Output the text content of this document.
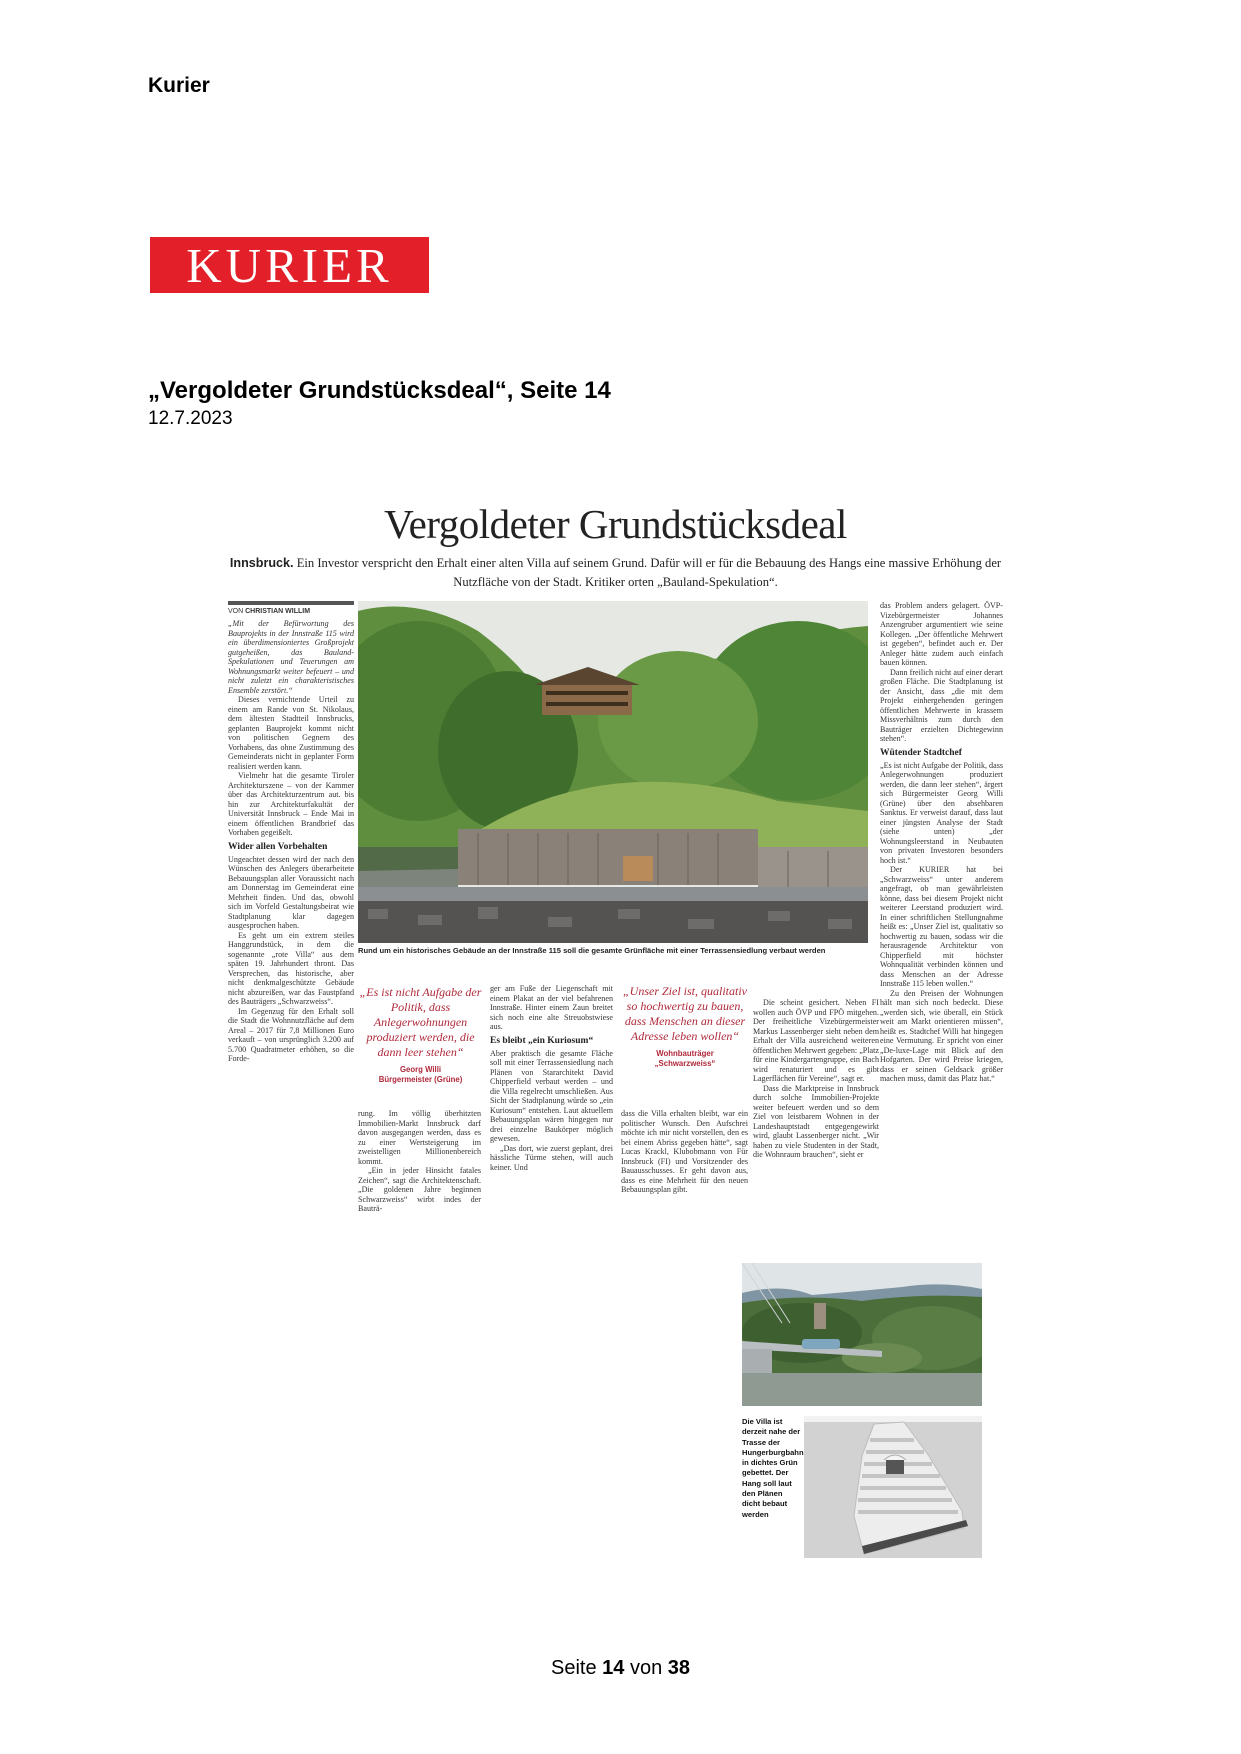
Kurier
KURIER
„Vergoldeter Grundstücksdeal“, Seite 14
12.7.2023
Vergoldeter Grundstücksdeal
Innsbruck. Ein Investor verspricht den Erhalt einer alten Villa auf seinem Grund. Dafür will er für die Bebauung des Hangs eine massive Erhöhung der Nutzfläche von der Stadt. Kritiker orten „Bauland-Spekulation“.
VON CHRISTIAN WILLIM

„Mit der Befürwortung des Bauprojekts in der Innstraße 115 wird ein überdimensioniertes Großprojekt gutgeheißen, das Bauland-Spekulationen und Teuerungen am Wohnungsmarkt weiter befeuert – und nicht zuletzt ein charakteristisches Ensemble zerstört.“

Dieses vernichtende Urteil zu einem am Rande von St. Nikolaus, dem ältesten Stadtteil Innsbrucks, geplanten Bauprojekt kommt nicht von politischen Gegnern des Vorhabens, das ohne Zustimmung des Gemeinderats nicht in geplanter Form realisiert werden kann.

Vielmehr hat die gesamte Tiroler Architekturszene – von der Kammer über das Architekturzentrum aut. bis hin zur Architekturfakultät der Universität Innsbruck – Ende Mai in einem öffentlichen Brandbrief das Vorhaben gegeißelt.

Wider allen Vorbehalten

Ungeachtet dessen wird der nach den Wünschen des Anlegers überarbeitete Bebauungsplan aller Voraussicht nach am Donnerstag im Gemeinderat eine Mehrheit finden. Und das, obwohl sich im Vorfeld Gestaltungsbeirat wie Stadtplanung klar dagegen ausgesprochen haben.

Es geht um ein extrem steiles Hanggrundstück, in dem die sogenannte „rote Villa“ aus dem späten 19. Jahrhundert thront. Das Versprechen, das historische, aber nicht denkmalgeschützte Gebäude nicht abzureißen, war das Faustpfand des Bauträgers „Schwarzweiss“.

Im Gegenzug für den Erhalt soll die Stadt die Wohnnutzfläche auf dem Areal – 2017 für 7,8 Millionen Euro verkauft – von ursprünglich 3.200 auf 5.700 Quadratmeter erhöhen, so die Forde-

Rund um ein historisches Gebäude an der Innstraße 115 soll die gesamte Grünfläche mit einer Terrassensiedlung verbaut werden
„Es ist nicht Aufgabe der Politik, dass Anlegerwohnungen produziert werden, die dann leer stehen“
Georg Willi
Bürgermeister (Grüne)

rung. Im völlig überhitzten Immobilien-Markt Innsbruck darf davon ausgegangen werden, dass es zu einer Wertsteigerung im zweistelligen Millionenbereich kommt.

„Ein in jeder Hinsicht fatales Zeichen“, sagt die Architektenschaft. „Die goldenen Jahre beginnen Schwarzweiss“ wirbt indes der Bauträ-

ger am Fuße der Liegenschaft mit einem Plakat an der viel befahrenen Innstraße. Hinter einem Zaun breitet sich noch eine alte Streuobstwiese aus.

Es bleibt „ein Kuriosum“

Aber praktisch die gesamte Fläche soll mit einer Terrassensiedlung nach Plänen von Stararchitekt David Chipperfield verbaut werden – und die Villa regelrecht umschließen. Aus Sicht der Stadtplanung würde so „ein Kuriosum“ entstehen. Laut aktuellem Bebauungsplan wären hingegen nur drei einzelne Baukörper möglich gewesen.

„Das dort, wie zuerst geplant, drei hässliche Türme stehen, will auch keiner. Und

„Unser Ziel ist, qualitativ so hochwertig zu bauen, dass Menschen an dieser Adresse leben wollen“
Wohnbauträger
„Schwarzweiss“

dass die Villa erhalten bleibt, war ein politischer Wunsch. Den Aufschrei möchte ich mir nicht vorstellen, den es bei einem Abriss gegeben hätte“, sagt Lucas Krackl, Klubobmann von Für Innsbruck (FI) und Vorsitzender des Bauausschusses. Er geht davon aus, dass es eine Mehrheit für den neuen Bebauungsplan gibt.

Die scheint gesichert. Neben FI wollen auch ÖVP und FPÖ mitgehen. Der freiheitliche Vizebürgermeister Markus Lassenberger sieht neben dem Erhalt der Villa ausreichend weiteren öffentlichen Mehrwert gegeben: „Platz für eine Kindergartengruppe, ein Bach wird renaturiert und es gibt Lagerflächen für Vereine“, sagt er.

Dass die Marktpreise in Innsbruck durch solche Immobilien-Projekte weiter befeuert werden und so dem Ziel von leistbarem Wohnen in der Landeshauptstadt entgegengewirkt wird, glaubt Lassenberger nicht. „Wir haben zu viele Studenten in der Stadt, die Wohnraum brauchen“, sieht er

das Problem anders gelagert. ÖVP-Vizebürgermeister Johannes Anzengruber argumentiert wie seine Kollegen. „Der öffentliche Mehrwert ist gegeben“, befindet auch er. Der Anleger hätte zudem auch einfach bauen können.

Dann freilich nicht auf einer derart großen Fläche. Die Stadtplanung ist der Ansicht, dass „die mit dem Projekt einhergehenden geringen öffentlichen Mehrwerte in krassem Missverhältnis zum durch den Bauträger erzielten Dichtegewinn stehen“.

Wütender Stadtchef

„Es ist nicht Aufgabe der Politik, dass Anlegerwohnungen produziert werden, die dann leer stehen“, ärgert sich Bürgermeister Georg Willi (Grüne) über den absehbaren Sanktus. Er verweist darauf, dass laut einer jüngsten Analyse der Stadt (siehe unten) „der Wohnungsleerstand in Neubauten von privaten Investoren besonders hoch ist.“

Der KURIER hat bei „Schwarzweiss“ unter anderem angefragt, ob man gewährleisten könne, dass bei diesem Projekt nicht weiterer Leerstand produziert wird. In einer schriftlichen Stellungnahme heißt es: „Unser Ziel ist, qualitativ so hochwertig zu bauen, sodass wir die herausragende Architektur von Chipperfield mit höchster Wohnqualität verbinden können und dass Menschen an der Adresse Innstraße 115 leben wollen.“

Zu den Preisen der Wohnungen hält man sich noch bedeckt. Diese „werden sich, wie überall, ein Stück weit am Markt orientieren müssen“, heißt es. Stadtchef Willi hat hingegen eine Vermutung. Er spricht von einer „De-luxe-Lage mit Blick auf den Hofgarten. Der wird Preise kriegen, dass er seinen Geldsack größer machen muss, damit das Platz hat.“

Die Villa ist derzeit nahe der Trasse der Hungerburgbahn in dichtes Grün gebettet. Der Hang soll laut den Plänen dicht bebaut werden
Seite 14 von 38
